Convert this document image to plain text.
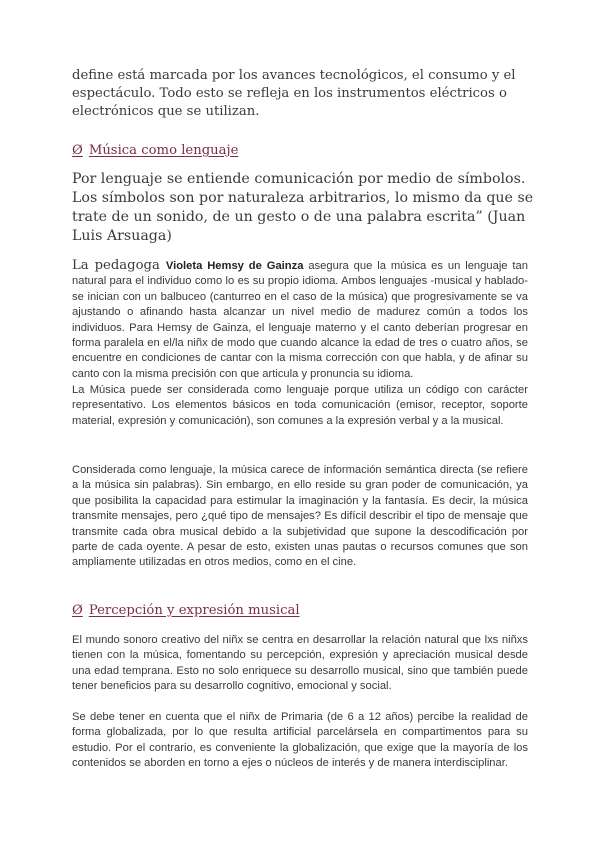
define está marcada por los avances tecnológicos, el consumo y el espectáculo. Todo esto se refleja en los instrumentos eléctricos o electrónicos que se utilizan.

Ø Música como lenguaje

Por lenguaje se entiende comunicación por medio de símbolos. Los símbolos son por naturaleza arbitrarios, lo mismo da que se trate de un sonido, de un gesto o de una palabra escrita” (Juan Luis Arsuaga)

La pedagoga Violeta Hemsy de Gainza asegura que la música es un lenguaje tan natural para el individuo como lo es su propio idioma. Ambos lenguajes -musical y hablado- se inician con un balbuceo (canturreo en el caso de la música) que progresivamente se va ajustando o afinando hasta alcanzar un nivel medio de madurez común a todos los individuos. Para Hemsy de Gainza, el lenguaje materno y el canto deberían progresar en forma paralela en el/la niñx de modo que cuando alcance la edad de tres o cuatro años, se encuentre en condiciones de cantar con la misma corrección con que habla, y de afinar su canto con la misma precisión con que articula y pronuncia su idioma.

La Música puede ser considerada como lenguaje porque utiliza un código con carácter representativo. Los elementos básicos en toda comunicación (emisor, receptor, soporte material, expresión y comunicación), son comunes a la expresión verbal y a la musical.

Considerada como lenguaje, la música carece de información semántica directa (se refiere a la música sin palabras). Sin embargo, en ello reside su gran poder de comunicación, ya que posibilita la capacidad para estimular la imaginación y la fantasía. Es decir, la música transmite mensajes, pero ¿qué tipo de mensajes? Es difícil describir el tipo de mensaje que transmite cada obra musical debido a la subjetividad que supone la descodificación por parte de cada oyente. A pesar de esto, existen unas pautas o recursos comunes que son ampliamente utilizadas en otros medios, como en el cine.

Ø Percepción y expresión musical

El mundo sonoro creativo del niñx se centra en desarrollar la relación natural que lxs niñxs tienen con la música, fomentando su percepción, expresión y apreciación musical desde una edad temprana. Esto no solo enriquece su desarrollo musical, sino que también puede tener beneficios para su desarrollo cognitivo, emocional y social.

Se debe tener en cuenta que el niñx de Primaria (de 6 a 12 años) percibe la realidad de forma globalizada, por lo que resulta artificial parcelársela en compartimentos para su estudio. Por el contrario, es conveniente la globalización, que exige que la mayoría de los contenidos se aborden en torno a ejes o núcleos de interés y de manera interdisciplinar.
